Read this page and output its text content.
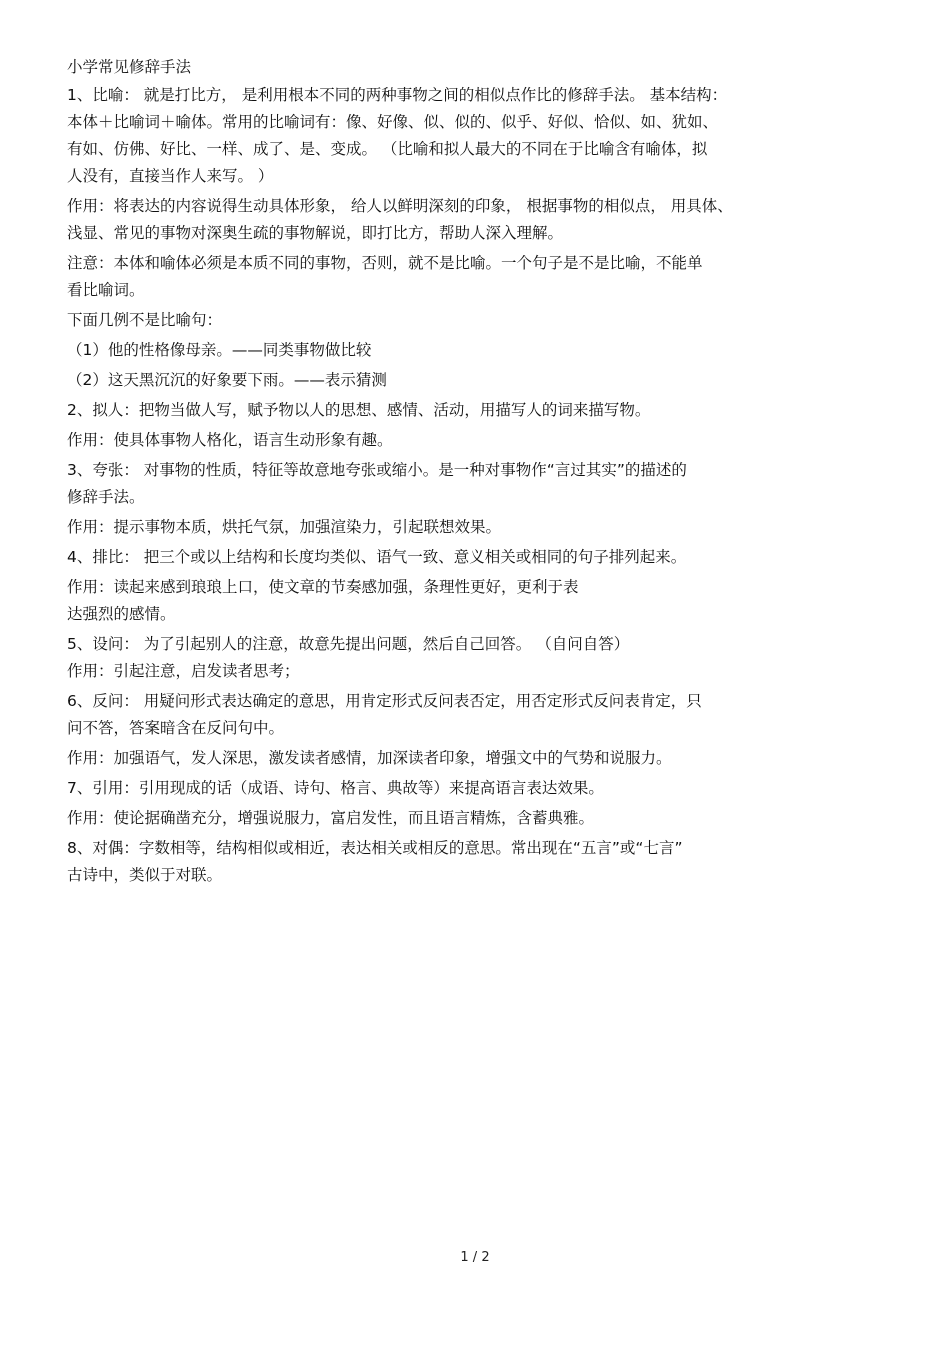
小学常见修辞手法
1、比喻： 就是打比方， 是利用根本不同的两种事物之间的相似点作比的修辞手法。 基本结构：
本体＋比喻词＋喻体。常用的比喻词有：像、好像、似、似的、似乎、好似、恰似、如、犹如、
有如、仿佛、好比、一样、成了、是、变成。 （比喻和拟人最大的不同在于比喻含有喻体，拟
人没有，直接当作人来写。 ）
作用：将表达的内容说得生动具体形象， 给人以鲜明深刻的印象， 根据事物的相似点， 用具体、
浅显、常见的事物对深奥生疏的事物解说，即打比方，帮助人深入理解。
注意：本体和喻体必须是本质不同的事物，否则，就不是比喻。一个句子是不是比喻，不能单
看比喻词。
下面几例不是比喻句：
（1）他的性格像母亲。——同类事物做比较
（2）这天黑沉沉的好象要下雨。——表示猜测
2、拟人：把物当做人写，赋予物以人的思想、感情、活动，用描写人的词来描写物。
作用：使具体事物人格化，语言生动形象有趣。
3、夸张： 对事物的性质，特征等故意地夸张或缩小。是一种对事物作“言过其实”的描述的
修辞手法。
作用：提示事物本质，烘托气氛，加强渲染力，引起联想效果。
4、排比： 把三个或以上结构和长度均类似、语气一致、意义相关或相同的句子排列起来。
作用：读起来感到琅琅上口，使文章的节奏感加强，条理性更好，更利于表
达强烈的感情。
5、设问： 为了引起别人的注意，故意先提出问题，然后自己回答。 （自问自答）
作用：引起注意，启发读者思考；
6、反问： 用疑问形式表达确定的意思，用肯定形式反问表否定，用否定形式反问表肯定，只
问不答，答案暗含在反问句中。
作用：加强语气，发人深思，激发读者感情，加深读者印象，增强文中的气势和说服力。
7、引用：引用现成的话（成语、诗句、格言、典故等）来提高语言表达效果。
作用：使论据确凿充分，增强说服力，富启发性，而且语言精炼，含蓄典雅。
8、对偶：字数相等，结构相似或相近，表达相关或相反的意思。常出现在“五言”或“七言”
古诗中，类似于对联。
1 / 2
